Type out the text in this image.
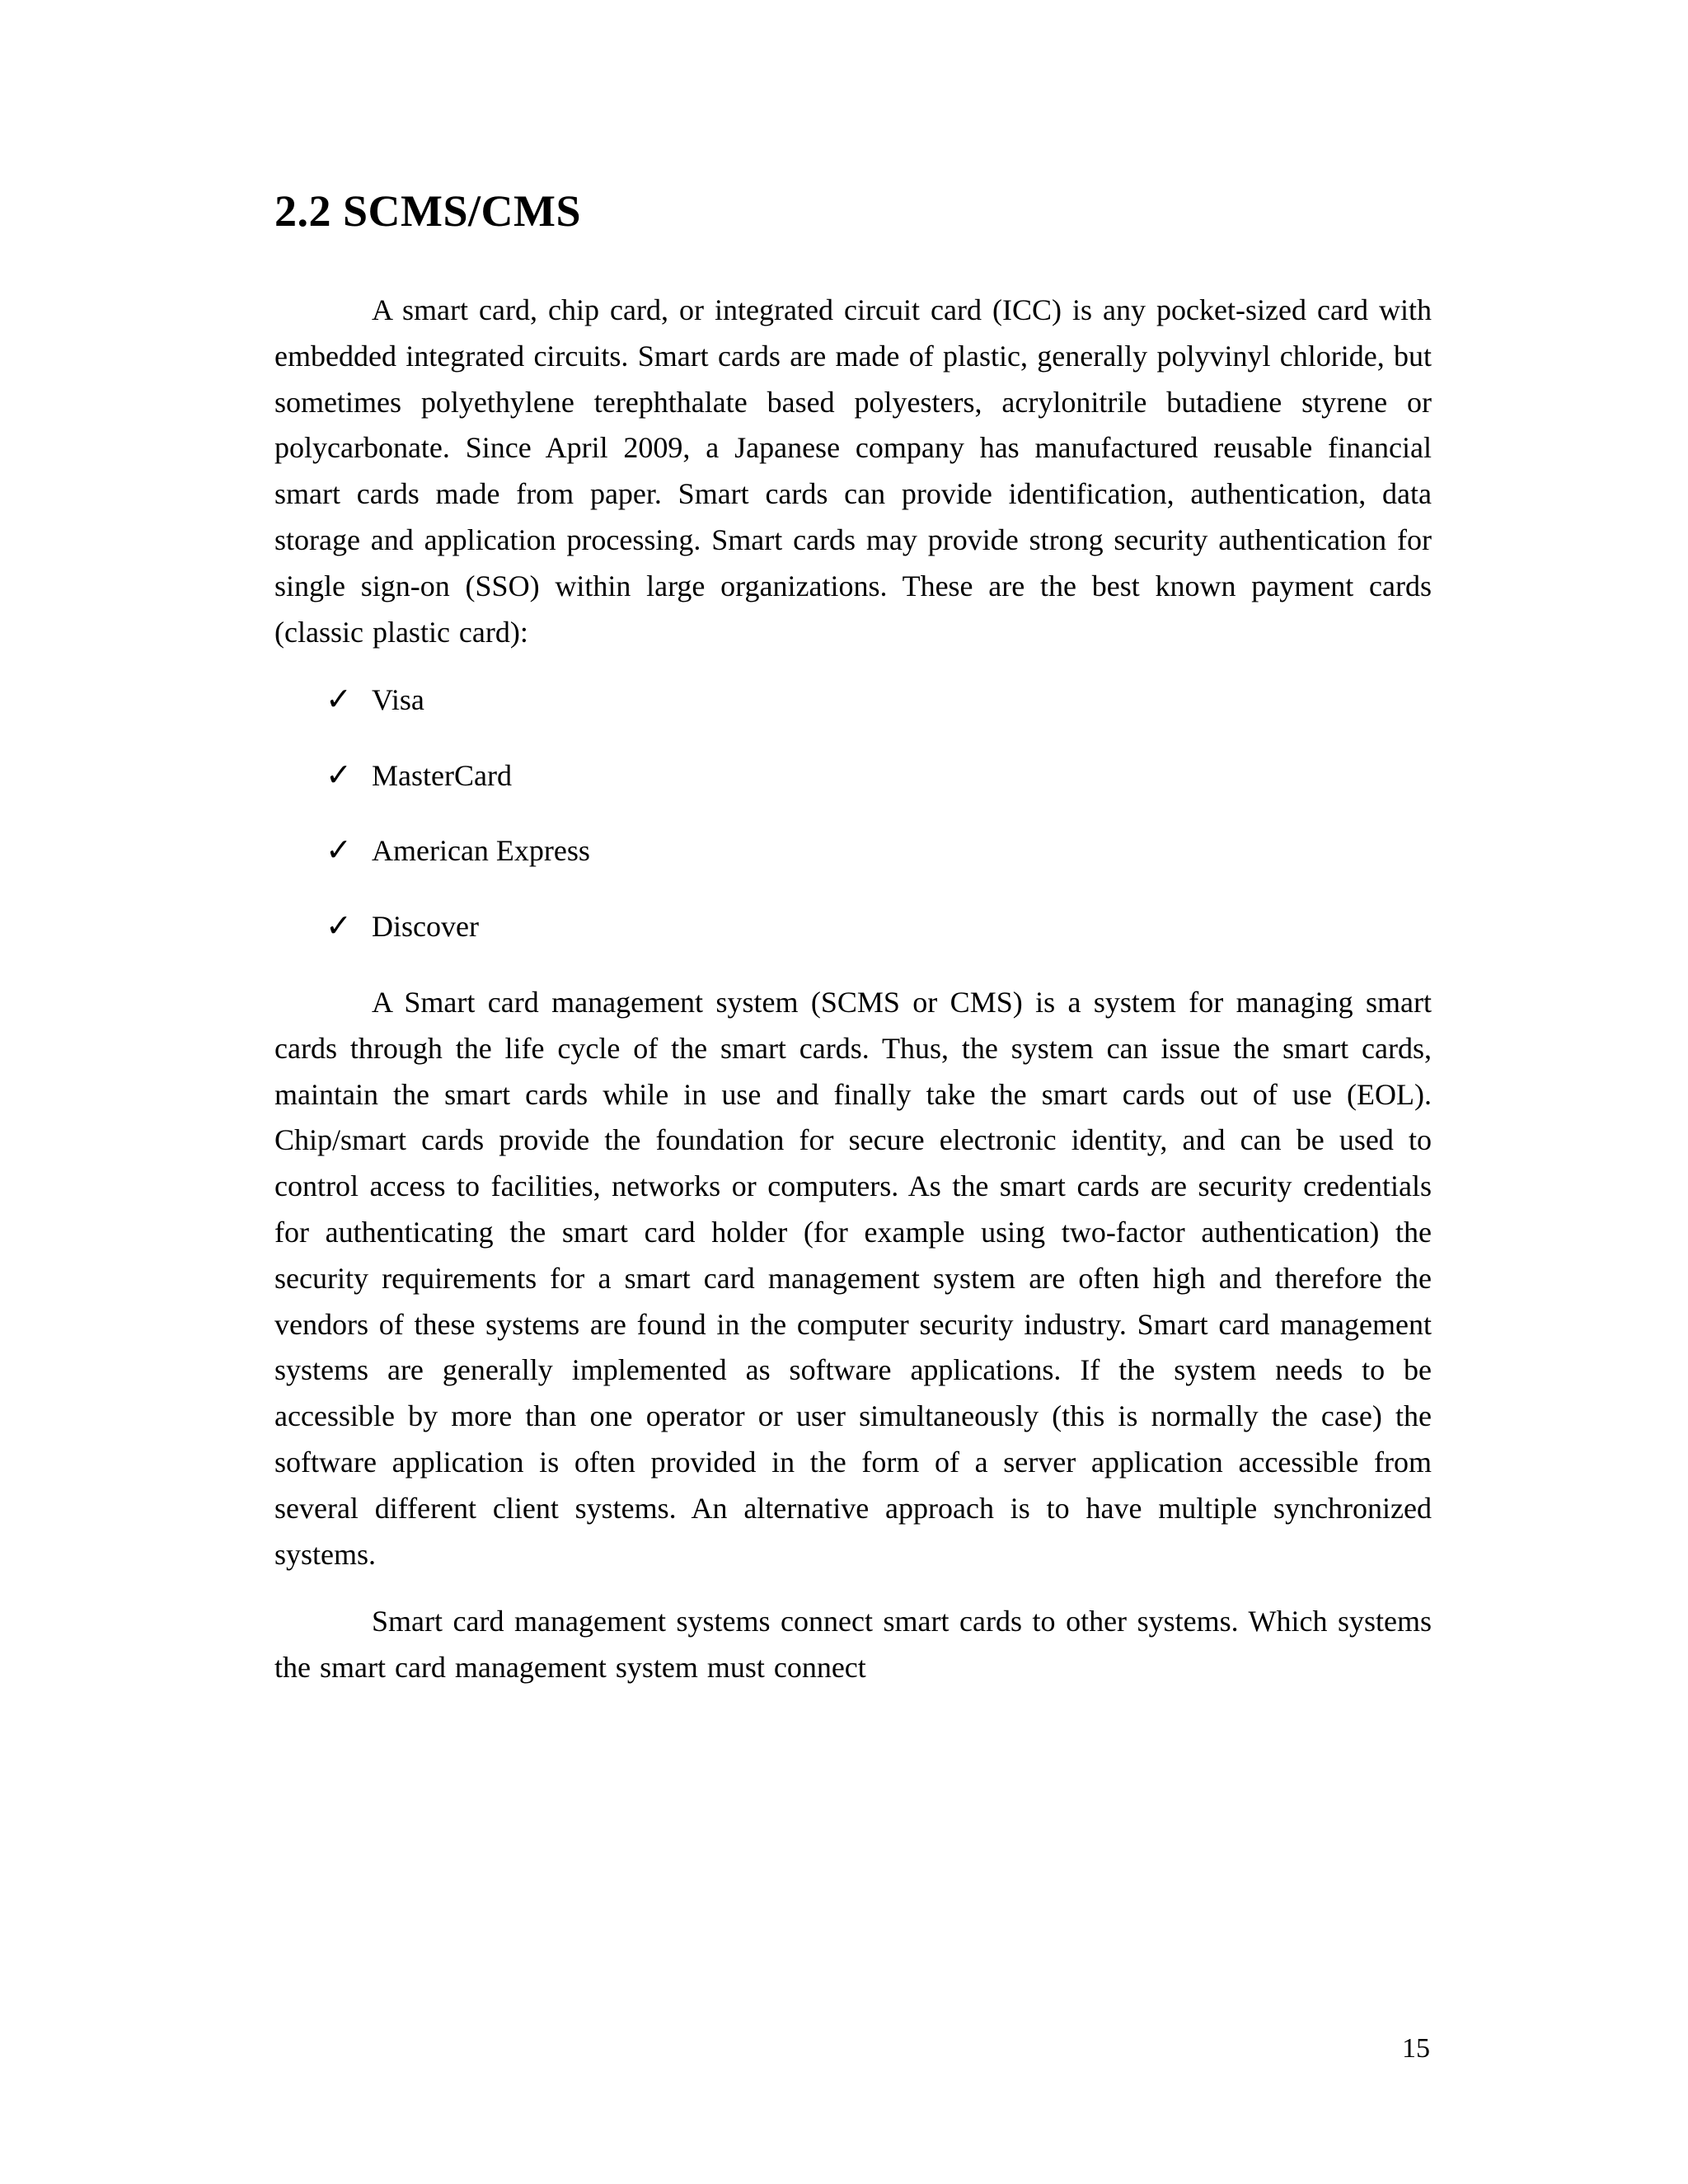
2.2 SCMS/CMS

A smart card, chip card, or integrated circuit card (ICC) is any pocket-sized card with embedded integrated circuits. Smart cards are made of plastic, generally polyvinyl chloride, but sometimes polyethylene terephthalate based polyesters, acrylonitrile butadiene styrene or polycarbonate. Since April 2009, a Japanese company has manufactured reusable financial smart cards made from paper. Smart cards can provide identification, authentication, data storage and application processing. Smart cards may provide strong security authentication for single sign-on (SSO) within large organizations. These are the best known payment cards (classic plastic card):

✓ Visa
✓ MasterCard
✓ American Express
✓ Discover

A Smart card management system (SCMS or CMS) is a system for managing smart cards through the life cycle of the smart cards. Thus, the system can issue the smart cards, maintain the smart cards while in use and finally take the smart cards out of use (EOL). Chip/smart cards provide the foundation for secure electronic identity, and can be used to control access to facilities, networks or computers. As the smart cards are security credentials for authenticating the smart card holder (for example using two-factor authentication) the security requirements for a smart card management system are often high and therefore the vendors of these systems are found in the computer security industry. Smart card management systems are generally implemented as software applications. If the system needs to be accessible by more than one operator or user simultaneously (this is normally the case) the software application is often provided in the form of a server application accessible from several different client systems. An alternative approach is to have multiple synchronized systems.

Smart card management systems connect smart cards to other systems. Which systems the smart card management system must connect

15
